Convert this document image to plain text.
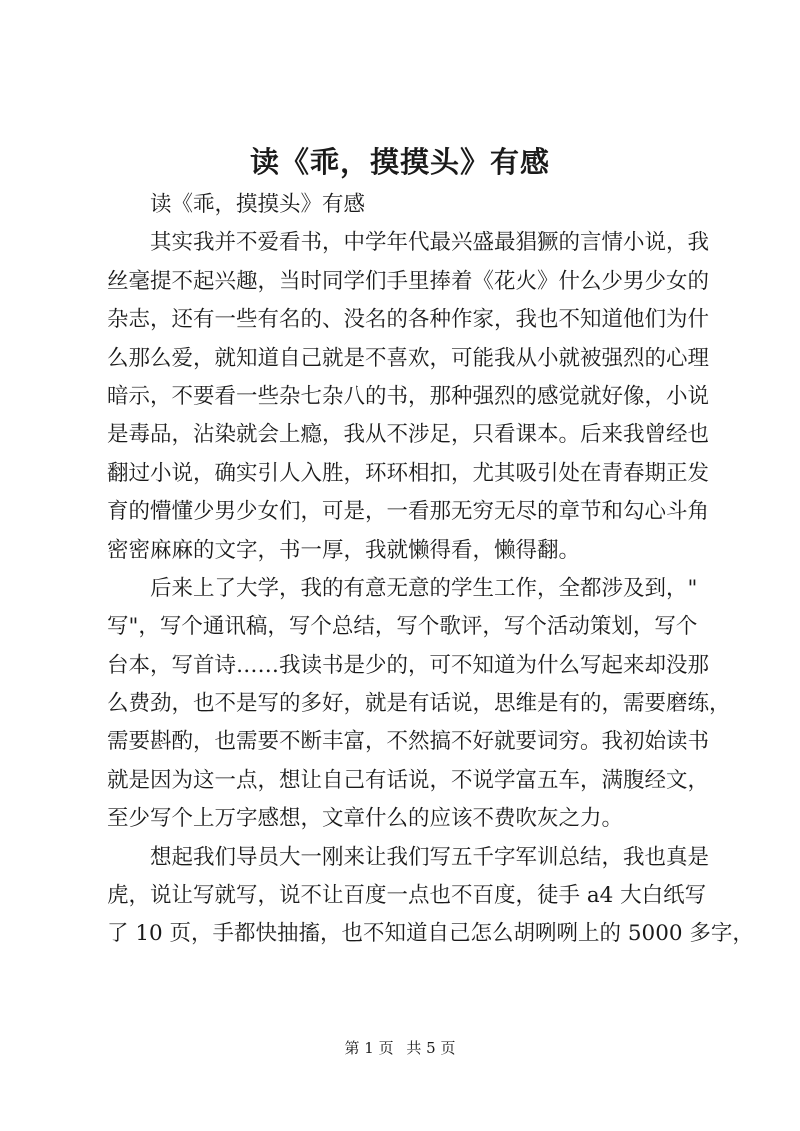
读《乖，摸摸头》有感
读《乖，摸摸头》有感
其实我并不爱看书，中学年代最兴盛最猖獗的言情小说，我
丝毫提不起兴趣，当时同学们手里捧着《花火》什么少男少女的
杂志，还有一些有名的、没名的各种作家，我也不知道他们为什
么那么爱，就知道自己就是不喜欢，可能我从小就被强烈的心理
暗示，不要看一些杂七杂八的书，那种强烈的感觉就好像，小说
是毒品，沾染就会上瘾，我从不涉足，只看课本。后来我曾经也
翻过小说，确实引人入胜，环环相扣，尤其吸引处在青春期正发
育的懵懂少男少女们，可是，一看那无穷无尽的章节和勾心斗角
密密麻麻的文字，书一厚，我就懒得看，懒得翻。
后来上了大学，我的有意无意的学生工作，全都涉及到，"
写"，写个通讯稿，写个总结，写个歌评，写个活动策划，写个
台本，写首诗……我读书是少的，可不知道为什么写起来却没那
么费劲，也不是写的多好，就是有话说，思维是有的，需要磨练，
需要斟酌，也需要不断丰富，不然搞不好就要词穷。我初始读书
就是因为这一点，想让自己有话说，不说学富五车，满腹经文，
至少写个上万字感想，文章什么的应该不费吹灰之力。
想起我们导员大一刚来让我们写五千字军训总结，我也真是
虎，说让写就写，说不让百度一点也不百度，徒手 a4 大白纸写
了 10 页，手都快抽搐，也不知道自己怎么胡咧咧上的 5000 多字，
第 1 页 共 5 页
